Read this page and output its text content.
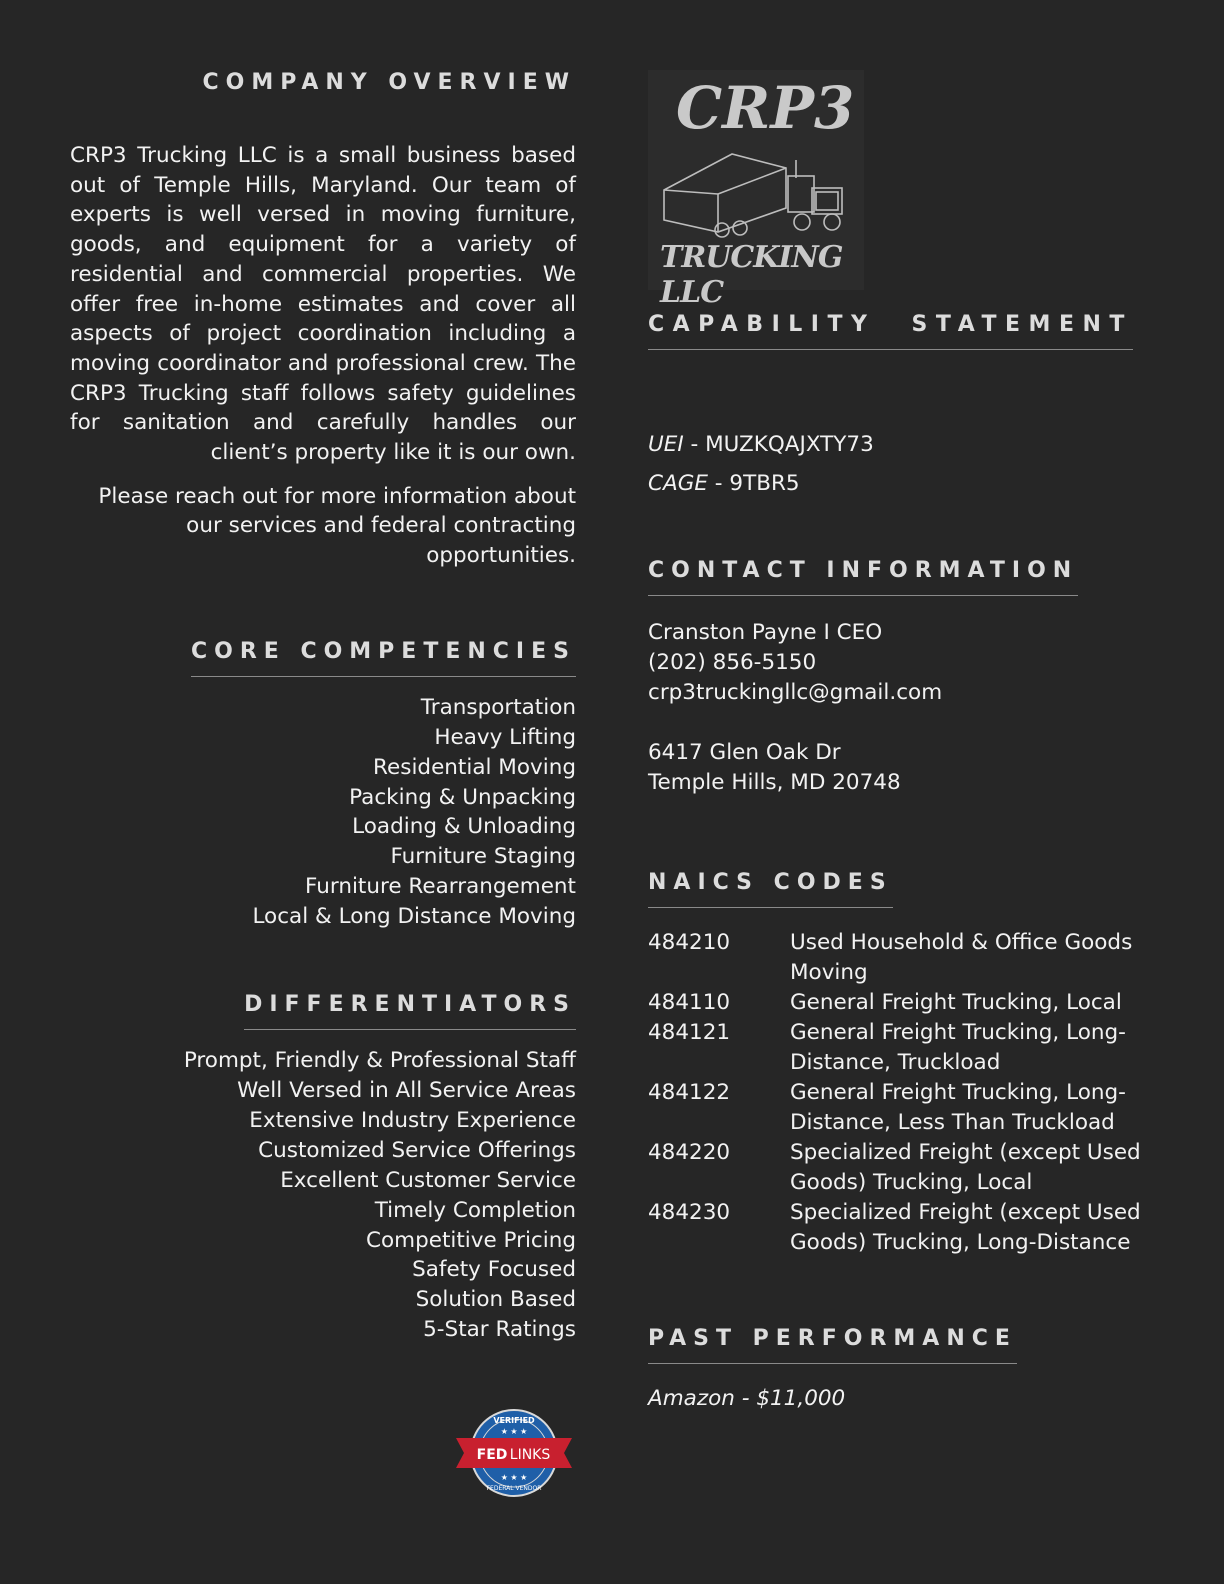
COMPANY OVERVIEW

CRP3 Trucking LLC is a small business based out of Temple Hills, Maryland. Our team of experts is well versed in moving furniture, goods, and equipment for a variety of residential and commercial properties. We offer free in-home estimates and cover all aspects of project coordination including a moving coordinator and professional crew. The CRP3 Trucking staff follows safety guidelines for sanitation and carefully handles our client’s property like it is our own.

Please reach out for more information about our services and federal contracting opportunities.

CORE COMPETENCIES
Transportation
Heavy Lifting
Residential Moving
Packing & Unpacking
Loading & Unloading
Furniture Staging
Furniture Rearrangement
Local & Long Distance Moving
DIFFERENTIATORS
Prompt, Friendly & Professional Staff
Well Versed in All Service Areas
Extensive Industry Experience
Customized Service Offerings
Excellent Customer Service
Timely Completion
Competitive Pricing
Safety Focused
Solution Based
5-Star Ratings
VERIFIED
FED LINKS
FEDERAL VENDOR
★ ★ ★
★ ★ ★
CRP3
TRUCKING LLC
CAPABILITY STATEMENT

UEI - MUZKQAJXTY73

CAGE - 9TBR5

CONTACT INFORMATION
Cranston Payne I CEO
(202) 856-5150
crp3truckingllc@gmail.com
6417 Glen Oak Dr
Temple Hills, MD 20748
NAICS CODES
484210	Used Household & Office Goods Moving
484110	General Freight Trucking, Local
484121	General Freight Trucking, Long-Distance, Truckload
484122	General Freight Trucking, Long-Distance, Less Than Truckload
484220	Specialized Freight (except Used Goods) Trucking, Local
484230	Specialized Freight (except Used Goods) Trucking, Long-Distance
PAST PERFORMANCE
Amazon - $11,000
